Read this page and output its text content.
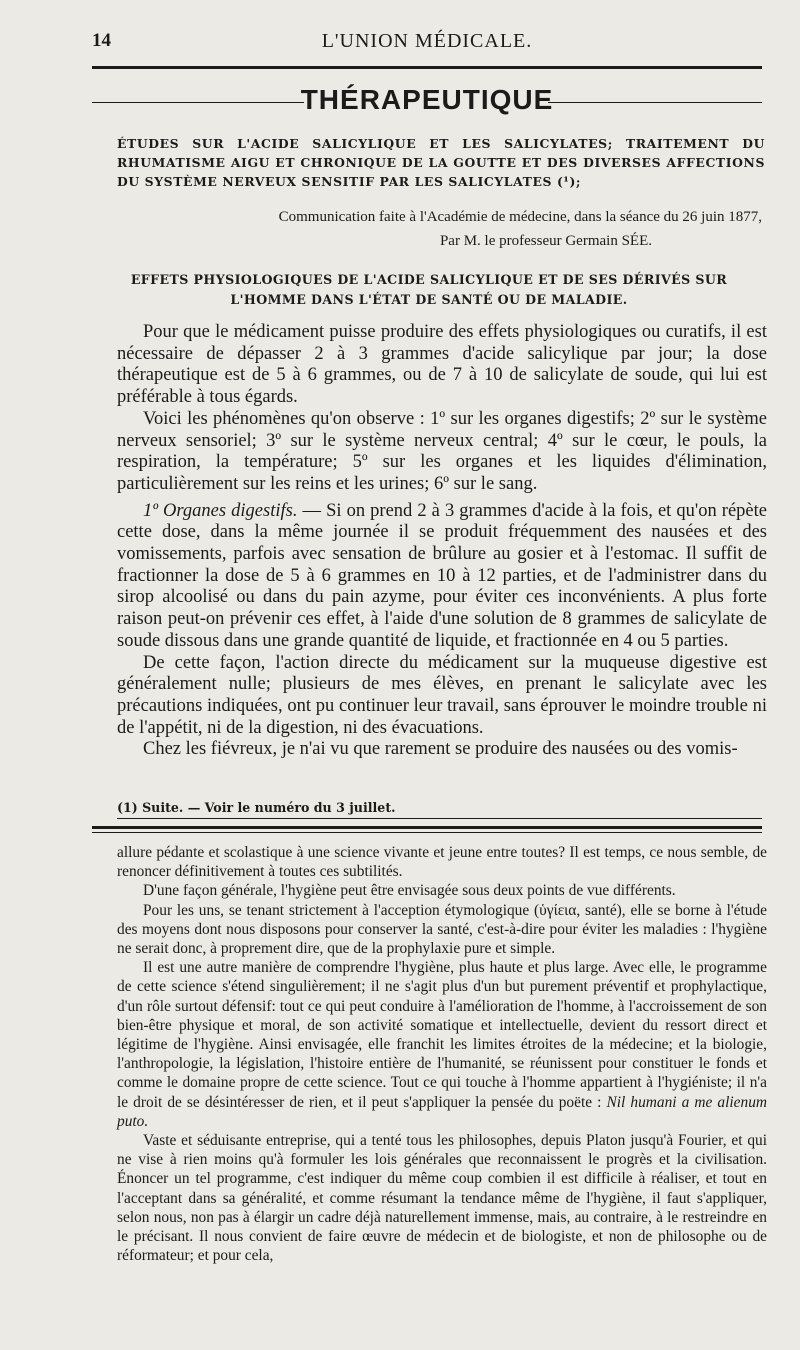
14	L'UNION MÉDICALE.
THÉRAPEUTIQUE
ÉTUDES SUR L'ACIDE SALICYLIQUE ET LES SALICYLATES; TRAITEMENT DU RHUMATISME AIGU ET CHRONIQUE DE LA GOUTTE ET DES DIVERSES AFFECTIONS DU SYSTÈME NERVEUX SENSITIF PAR LES SALICYLATES (¹);
Communication faite à l'Académie de médecine, dans la séance du 26 juin 1877,
Par M. le professeur Germain SÉE.
EFFETS PHYSIOLOGIQUES DE L'ACIDE SALICYLIQUE ET DE SES DÉRIVÉS SUR L'HOMME DANS L'ÉTAT DE SANTÉ OU DE MALADIE.

Pour que le médicament puisse produire des effets physiologiques ou curatifs, il est nécessaire de dépasser 2 à 3 grammes d'acide salicylique par jour; la dose thérapeutique est de 5 à 6 grammes, ou de 7 à 10 de salicylate de soude, qui lui est préférable à tous égards.

Voici les phénomènes qu'on observe : 1º sur les organes digestifs; 2º sur le système nerveux sensoriel; 3º sur le système nerveux central; 4º sur le cœur, le pouls, la respiration, la température; 5º sur les organes et les liquides d'élimination, particulièrement sur les reins et les urines; 6º sur le sang.

1º Organes digestifs. — Si on prend 2 à 3 grammes d'acide à la fois, et qu'on répète cette dose, dans la même journée il se produit fréquemment des nausées et des vomissements, parfois avec sensation de brûlure au gosier et à l'estomac. Il suffit de fractionner la dose de 5 à 6 grammes en 10 à 12 parties, et de l'administrer dans du sirop alcoolisé ou dans du pain azyme, pour éviter ces inconvénients. A plus forte raison peut-on prévenir ces effet, à l'aide d'une solution de 8 grammes de salicylate de soude dissous dans une grande quantité de liquide, et fractionnée en 4 ou 5 parties.

De cette façon, l'action directe du médicament sur la muqueuse digestive est généralement nulle; plusieurs de mes élèves, en prenant le salicylate avec les précautions indiquées, ont pu continuer leur travail, sans éprouver le moindre trouble ni de l'appétit, ni de la digestion, ni des évacuations.

Chez les fiévreux, je n'ai vu que rarement se produire des nausées ou des vomis-

(1) Suite. — Voir le numéro du 3 juillet.

allure pédante et scolastique à une science vivante et jeune entre toutes? Il est temps, ce nous semble, de renoncer définitivement à toutes ces subtilités.

D'une façon générale, l'hygiène peut être envisagée sous deux points de vue différents.

Pour les uns, se tenant strictement à l'acception étymologique (ὑγίεια, santé), elle se borne à l'étude des moyens dont nous disposons pour conserver la santé, c'est-à-dire pour éviter les maladies : l'hygiène ne serait donc, à proprement dire, que de la prophylaxie pure et simple.

Il est une autre manière de comprendre l'hygiène, plus haute et plus large. Avec elle, le programme de cette science s'étend singulièrement; il ne s'agit plus d'un but purement préventif et prophylactique, d'un rôle surtout défensif: tout ce qui peut conduire à l'amélioration de l'homme, à l'accroissement de son bien-être physique et moral, de son activité somatique et intellectuelle, devient du ressort direct et légitime de l'hygiène. Ainsi envisagée, elle franchit les limites étroites de la médecine; et la biologie, l'anthropologie, la législation, l'histoire entière de l'humanité, se réunissent pour constituer le fonds et comme le domaine propre de cette science. Tout ce qui touche à l'homme appartient à l'hygiéniste; il n'a le droit de se désintéresser de rien, et il peut s'appliquer la pensée du poëte : Nil humani a me alienum puto.

Vaste et séduisante entreprise, qui a tenté tous les philosophes, depuis Platon jusqu'à Fourier, et qui ne vise à rien moins qu'à formuler les lois générales que reconnaissent le progrès et la civilisation. Énoncer un tel programme, c'est indiquer du même coup combien il est difficile à réaliser, et tout en l'acceptant dans sa généralité, et comme résumant la tendance même de l'hygiène, il faut s'appliquer, selon nous, non pas à élargir un cadre déjà naturellement immense, mais, au contraire, à le restreindre en le précisant. Il nous convient de faire œuvre de médecin et de biologiste, et non de philosophe ou de réformateur; et pour cela,
